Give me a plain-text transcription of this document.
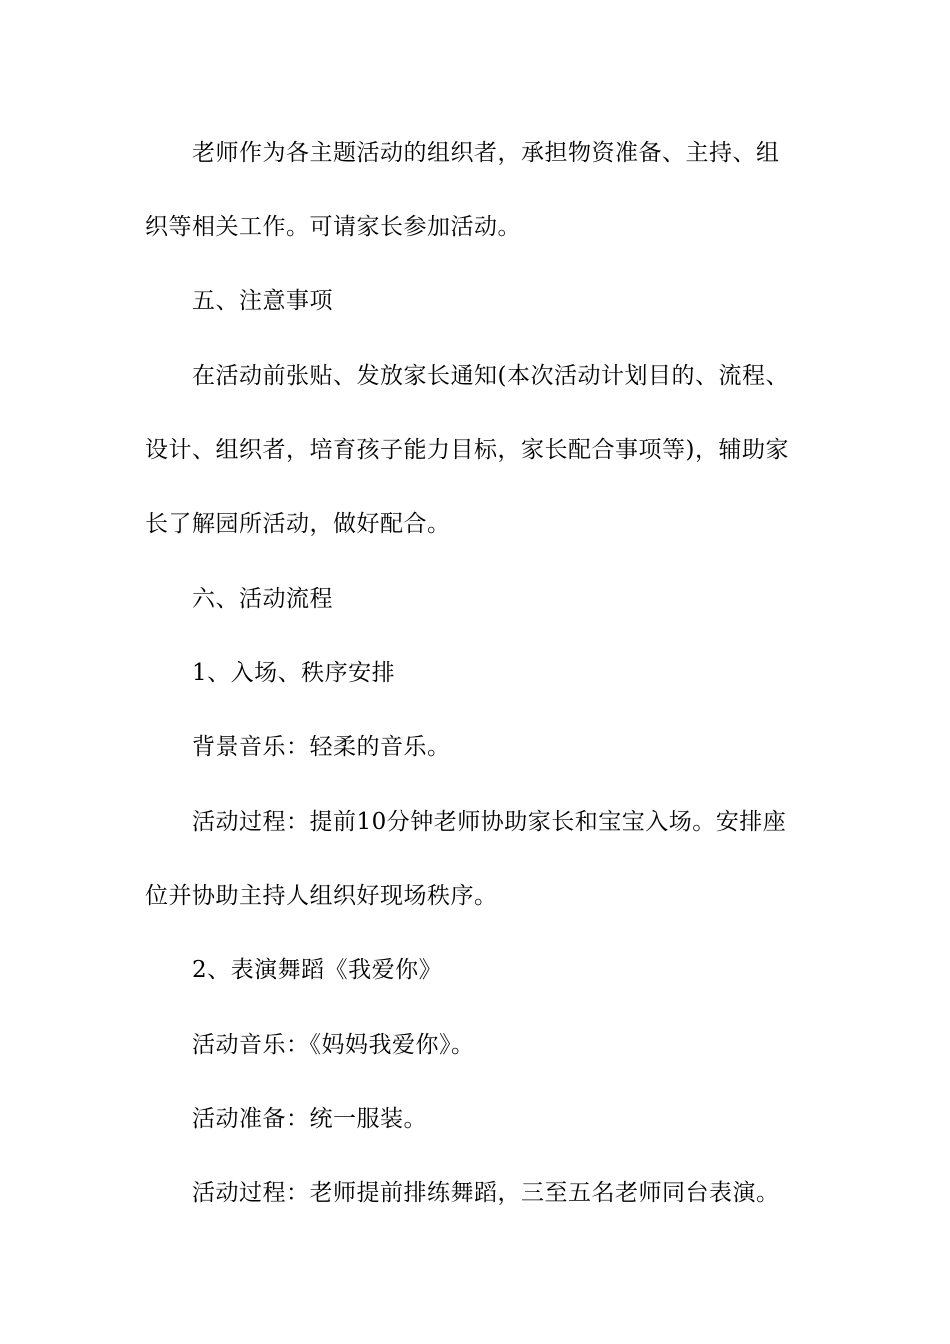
老师作为各主题活动的组织者，承担物资准备、主持、组
织等相关工作。可请家长参加活动。
五、注意事项
在活动前张贴、发放家长通知(本次活动计划目的、流程、
设计、组织者，培育孩子能力目标，家长配合事项等)，辅助家
长了解园所活动，做好配合。
六、活动流程
1、入场、秩序安排
背景音乐：轻柔的音乐。
活动过程：提前10分钟老师协助家长和宝宝入场。安排座
位并协助主持人组织好现场秩序。
2、表演舞蹈《我爱你》
活动音乐：《妈妈我爱你》。
活动准备：统一服装。
活动过程：老师提前排练舞蹈，三至五名老师同台表演。
